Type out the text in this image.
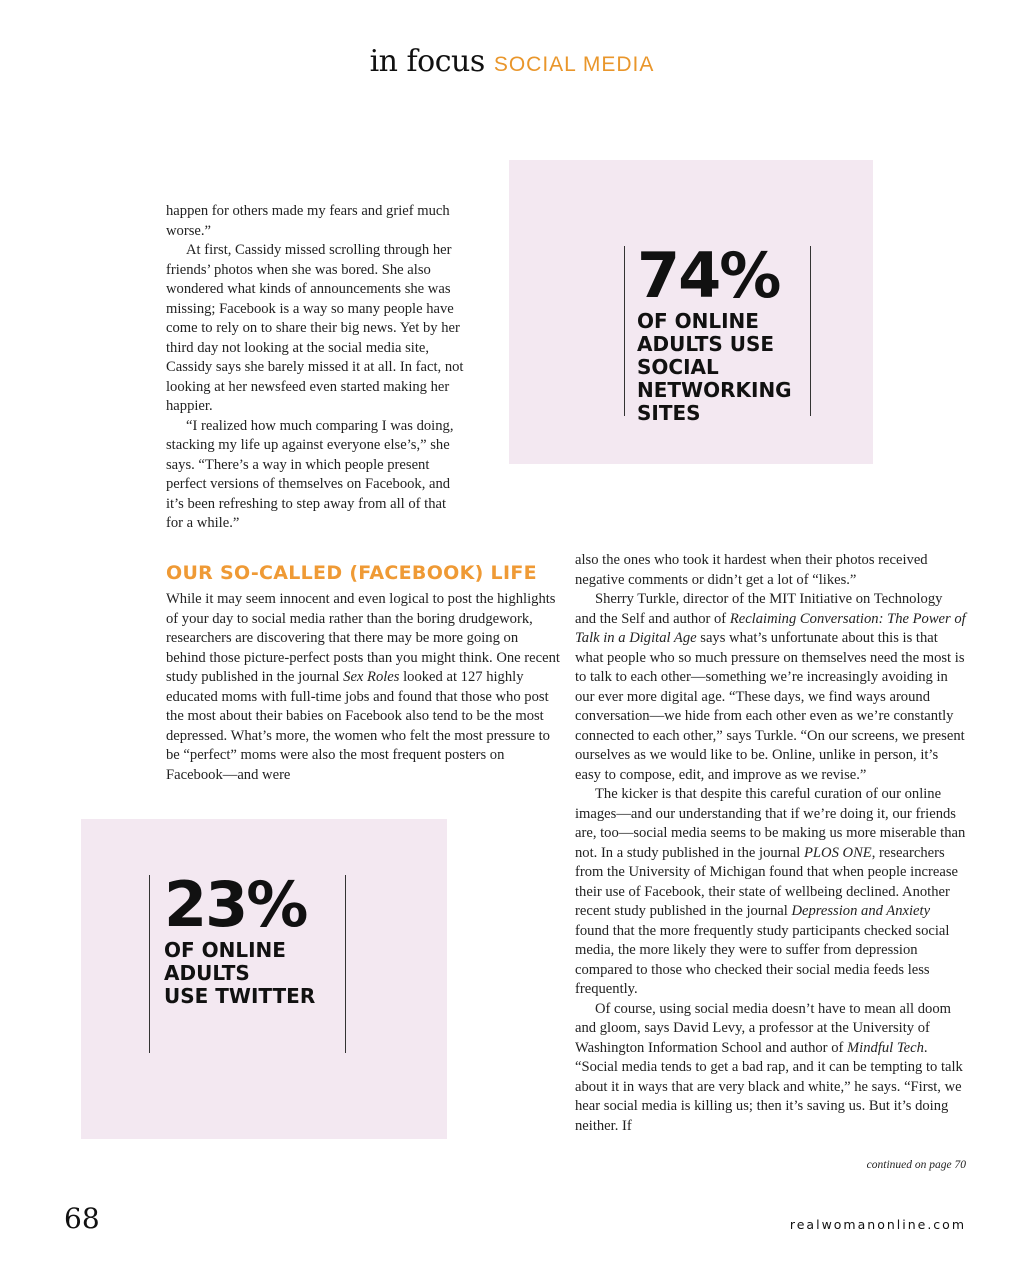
in focus SOCIAL MEDIA

happen for others made my fears and grief much worse.”

At first, Cassidy missed scrolling through her friends’ photos when she was bored. She also wondered what kinds of announcements she was missing; Facebook is a way so many people have come to rely on to share their big news. Yet by her third day not looking at the social media site, Cassidy says she barely missed it at all. In fact, not looking at her newsfeed even started making her happier.

“I realized how much comparing I was doing, stacking my life up against everyone else’s,” she says. “There’s a way in which people present perfect versions of themselves on Facebook, and it’s been refreshing to step away from all of that for a while.”

74%
OF ONLINE
ADULTS USE
SOCIAL
NETWORKING
SITES
OUR SO-CALLED (FACEBOOK) LIFE

While it may seem innocent and even logical to post the highlights of your day to social media rather than the boring drudgework, researchers are discovering that there may be more going on behind those picture-perfect posts than you might think. One recent study published in the journal Sex Roles looked at 127 highly educated moms with full-time jobs and found that those who post the most about their babies on Facebook also tend to be the most depressed. What’s more, the women who felt the most pressure to be “perfect” moms were also the most frequent posters on Facebook—and were

also the ones who took it hardest when their photos received negative comments or didn’t get a lot of “likes.”

Sherry Turkle, director of the MIT Initiative on Technology and the Self and author of Reclaiming Conversation: The Power of Talk in a Digital Age says what’s unfortunate about this is that what people who so much pressure on themselves need the most is to talk to each other—something we’re increasingly avoiding in our ever more digital age. “These days, we find ways around conversation—we hide from each other even as we’re constantly connected to each other,” says Turkle. “On our screens, we present ourselves as we would like to be. Online, unlike in person, it’s easy to compose, edit, and improve as we revise.”

The kicker is that despite this careful curation of our online images—and our understanding that if we’re doing it, our friends are, too—social media seems to be making us more miserable than not. In a study published in the journal PLOS ONE, researchers from the University of Michigan found that when people increase their use of Facebook, their state of wellbeing declined. Another recent study published in the journal Depression and Anxiety found that the more frequently study participants checked social media, the more likely they were to suffer from depression compared to those who checked their social media feeds less frequently.

Of course, using social media doesn’t have to mean all doom and gloom, says David Levy, a professor at the University of Washington Information School and author of Mindful Tech. “Social media tends to get a bad rap, and it can be tempting to talk about it in ways that are very black and white,” he says. “First, we hear social media is killing us; then it’s saving us. But it’s doing neither. If

23%
OF ONLINE
ADULTS
USE TWITTER
continued on page 70
68	realwomanonline.com
